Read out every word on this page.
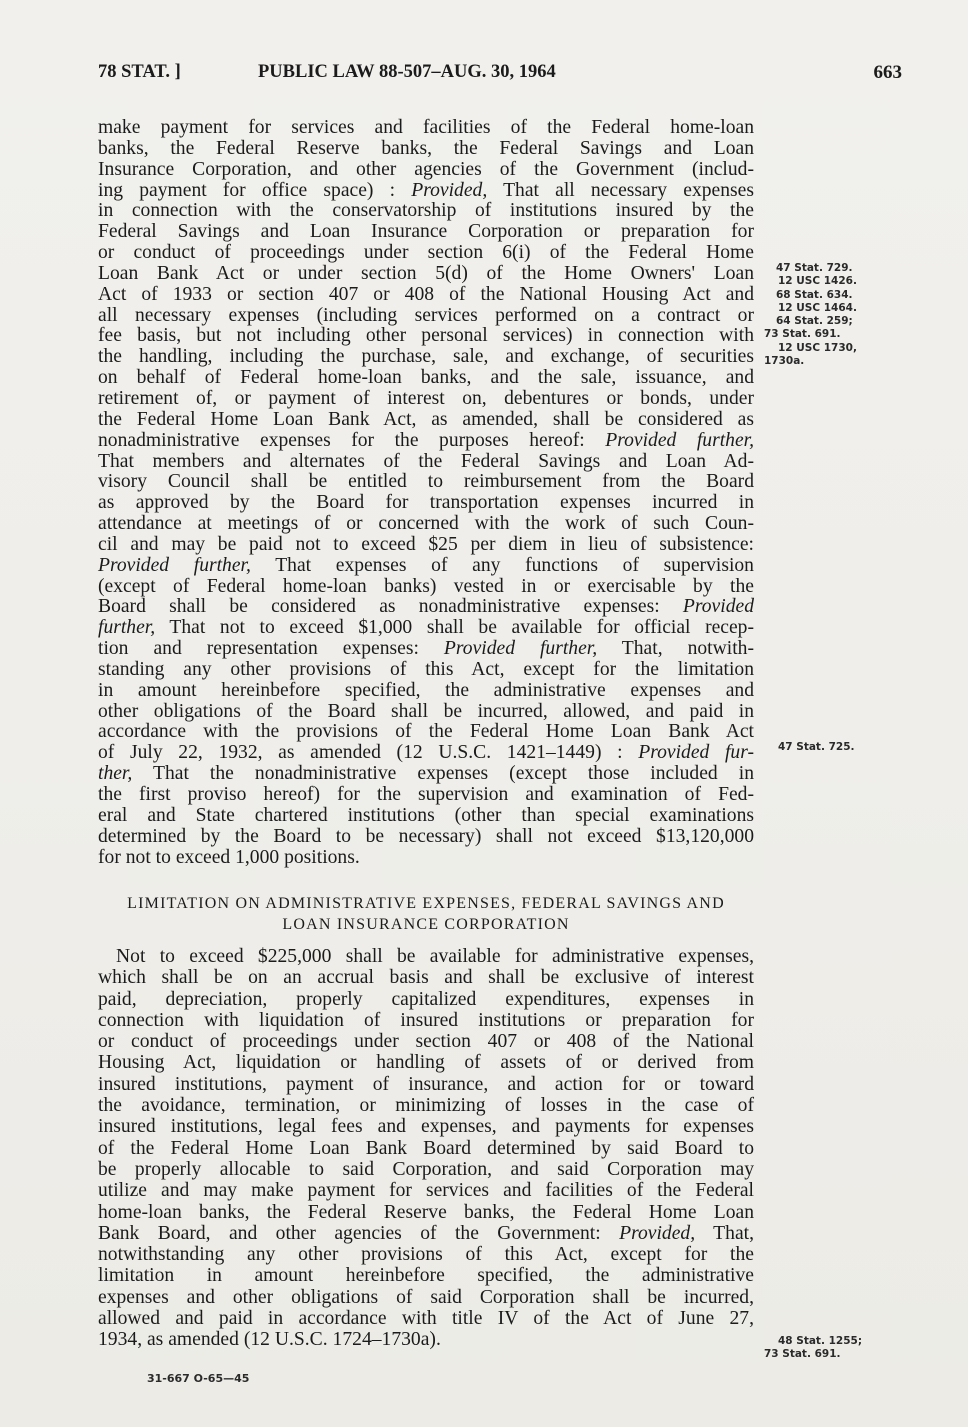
78 STAT. ]	PUBLIC LAW 88-507–AUG. 30, 1964	663
make payment for services and facilities of the Federal home-loan
banks, the Federal Reserve banks, the Federal Savings and Loan
Insurance Corporation, and other agencies of the Government (includ-
ing payment for office space) : Provided, That all necessary expenses
in connection with the conservatorship of institutions insured by the
Federal Savings and Loan Insurance Corporation or preparation for
or conduct of proceedings under section 6(i) of the Federal Home
Loan Bank Act or under section 5(d) of the Home Owners' Loan
Act of 1933 or section 407 or 408 of the National Housing Act and
all necessary expenses (including services performed on a contract or
fee basis, but not including other personal services) in connection with
the handling, including the purchase, sale, and exchange, of securities
on behalf of Federal home-loan banks, and the sale, issuance, and
retirement of, or payment of interest on, debentures or bonds, under
the Federal Home Loan Bank Act, as amended, shall be considered as
nonadministrative expenses for the purposes hereof: Provided further,
That members and alternates of the Federal Savings and Loan Ad-
visory Council shall be entitled to reimbursement from the Board
as approved by the Board for transportation expenses incurred in
attendance at meetings of or concerned with the work of such Coun-
cil and may be paid not to exceed $25 per diem in lieu of subsistence:
Provided further, That expenses of any functions of supervision
(except of Federal home-loan banks) vested in or exercisable by the
Board shall be considered as nonadministrative expenses: Provided
further, That not to exceed $1,000 shall be available for official recep-
tion and representation expenses: Provided further, That, notwith-
standing any other provisions of this Act, except for the limitation
in amount hereinbefore specified, the administrative expenses and
other obligations of the Board shall be incurred, allowed, and paid in
accordance with the provisions of the Federal Home Loan Bank Act
of July 22, 1932, as amended (12 U.S.C. 1421–1449) : Provided fur-
ther, That the nonadministrative expenses (except those included in
the first proviso hereof) for the supervision and examination of Fed-
eral and State chartered institutions (other than special examinations
determined by the Board to be necessary) shall not exceed $13,120,000
for not to exceed 1,000 positions.
LIMITATION ON ADMINISTRATIVE EXPENSES, FEDERAL SAVINGS AND
LOAN INSURANCE CORPORATION
Not to exceed $225,000 shall be available for administrative expenses,
which shall be on an accrual basis and shall be exclusive of interest
paid, depreciation, properly capitalized expenditures, expenses in
connection with liquidation of insured institutions or preparation for
or conduct of proceedings under section 407 or 408 of the National
Housing Act, liquidation or handling of assets of or derived from
insured institutions, payment of insurance, and action for or toward
the avoidance, termination, or minimizing of losses in the case of
insured institutions, legal fees and expenses, and payments for expenses
of the Federal Home Loan Bank Board determined by said Board to
be properly allocable to said Corporation, and said Corporation may
utilize and may make payment for services and facilities of the Federal
home-loan banks, the Federal Reserve banks, the Federal Home Loan
Bank Board, and other agencies of the Government: Provided, That,
notwithstanding any other provisions of this Act, except for the
limitation in amount hereinbefore specified, the administrative
expenses and other obligations of said Corporation shall be incurred,
allowed and paid in accordance with title IV of the Act of June 27,
1934, as amended (12 U.S.C. 1724–1730a).
47 Stat. 729.
12 USC 1426.
68 Stat. 634.
12 USC 1464.
64 Stat. 259;
73 Stat. 691.
12 USC 1730,
1730a.
47 Stat. 725.
48 Stat. 1255;
73 Stat. 691.
31-667 O-65—45
